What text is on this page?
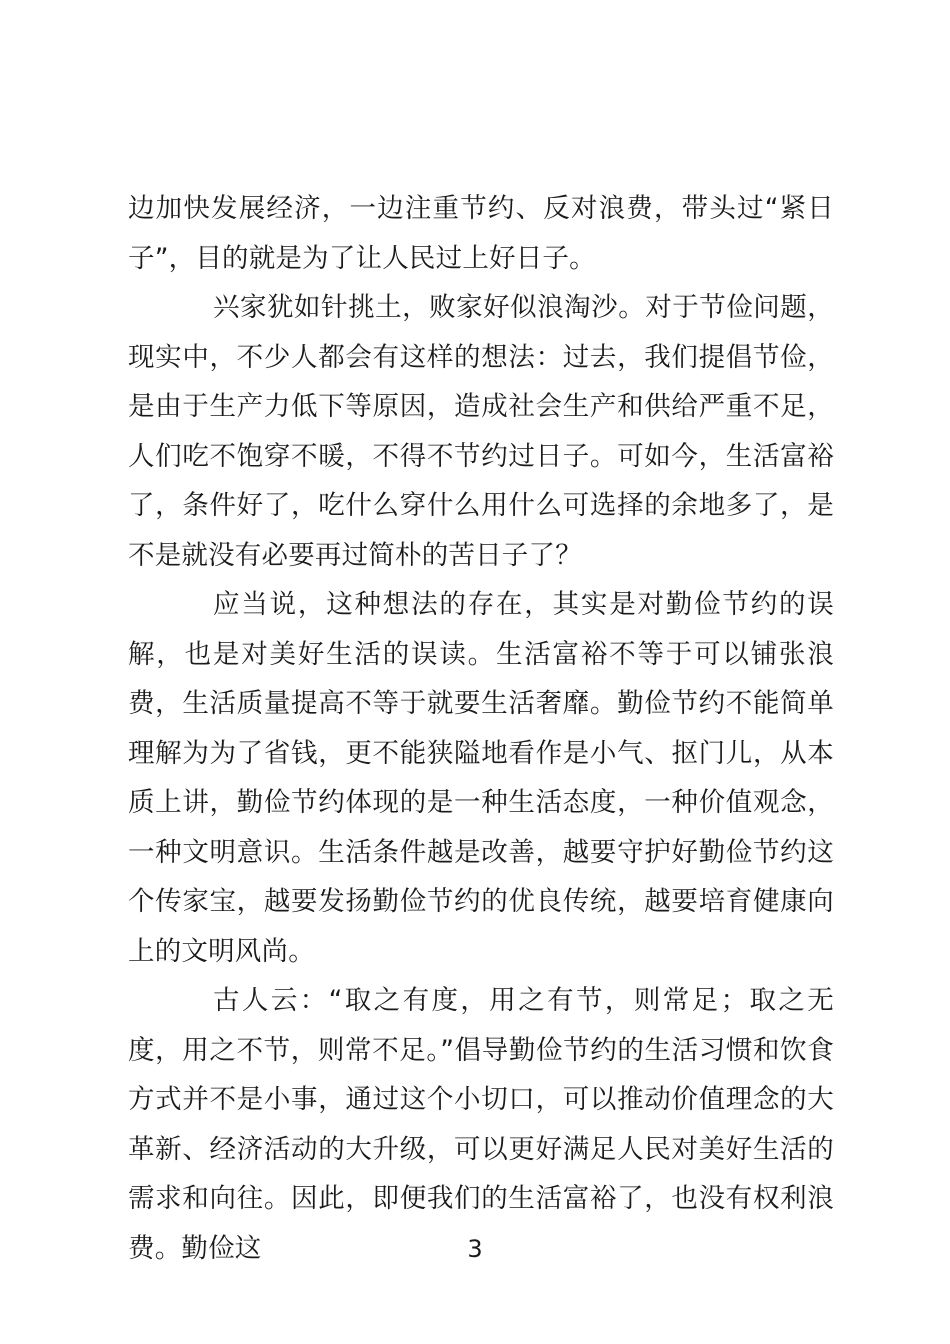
边加快发展经济，一边注重节约、反对浪费，带头过“紧日子”，目的就是为了让人民过上好日子。

兴家犹如针挑土，败家好似浪淘沙。对于节俭问题，现实中，不少人都会有这样的想法：过去，我们提倡节俭，是由于生产力低下等原因，造成社会生产和供给严重不足，人们吃不饱穿不暖，不得不节约过日子。可如今，生活富裕了，条件好了，吃什么穿什么用什么可选择的余地多了，是不是就没有必要再过简朴的苦日子了？

应当说，这种想法的存在，其实是对勤俭节约的误解，也是对美好生活的误读。生活富裕不等于可以铺张浪费，生活质量提高不等于就要生活奢靡。勤俭节约不能简单理解为为了省钱，更不能狭隘地看作是小气、抠门儿，从本质上讲，勤俭节约体现的是一种生活态度，一种价值观念，一种文明意识。生活条件越是改善，越要守护好勤俭节约这个传家宝，越要发扬勤俭节约的优良传统，越要培育健康向上的文明风尚。

古人云：“取之有度，用之有节，则常足；取之无度，用之不节，则常不足。”倡导勤俭节约的生活习惯和饮食方式并不是小事，通过这个小切口，可以推动价值理念的大革新、经济活动的大升级，可以更好满足人民对美好生活的需求和向往。因此，即便我们的生活富裕了，也没有权利浪费。勤俭这	3
